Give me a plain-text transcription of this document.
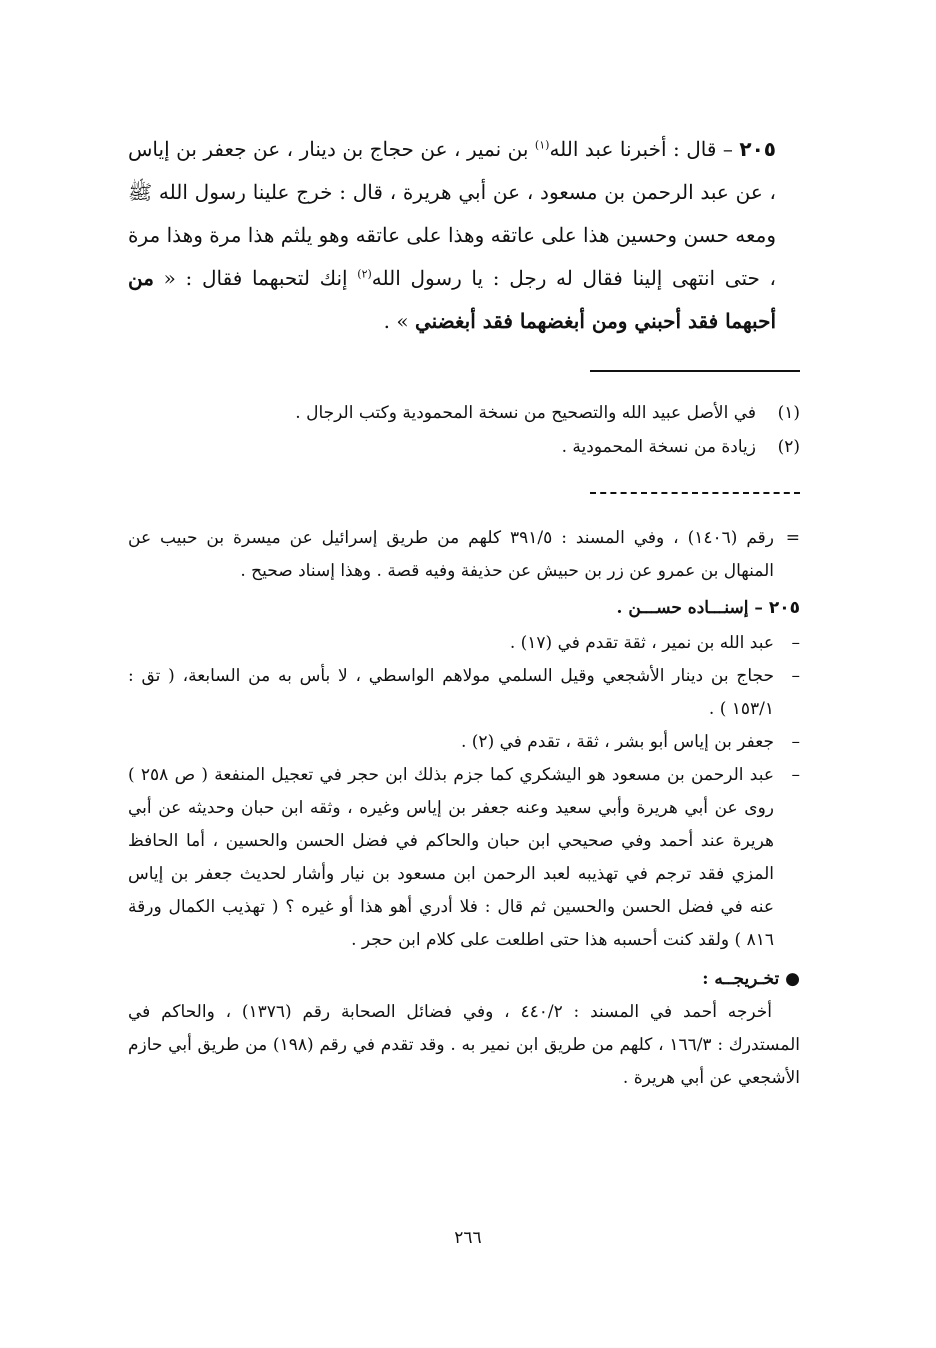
٢٠٥ – قال : أخبرنا عبد الله$^{(١)}$ بن نمير ، عن حجاج بن دينار ، عن جعفر بن إياس ، عن عبد الرحمن بن مسعود ، عن أبي هريرة ، قال : خرج علينا رسول الله ﷺ ومعه حسن وحسين هذا على عاتقه وهذا على عاتقه وهو يلثم هذا مرة وهذا مرة ، حتى انتهى إلينا فقال له رجل : يا رسول الله$^{(٢)}$ إنك لتحبهما فقال : « من أحبهما فقد أحبني ومن أبغضهما فقد أبغضني » .
(١)
في الأصل عبيد الله والتصحيح من نسخة المحمودية وكتب الرجال .
(٢)
زيادة من نسخة المحمودية .
=
رقم (١٤٠٦) ، وفي المسند : ٣٩١/٥ كلهم من طريق إسرائيل عن ميسرة بن حبيب عن المنهال بن عمرو عن زر بن حبيش عن حذيفة وفيه قصة . وهذا إسناد صحيح .
٢٠٥ – إسنـــاده حســـن .
–
عبد الله بن نمير ، ثقة تقدم في (١٧) .
–
حجاج بن دينار الأشجعي وقيل السلمي مولاهم الواسطي ، لا بأس به من السابعة، ( تق : ١٥٣/١ ) .
–
جعفر بن إياس أبو بشر ، ثقة ، تقدم في (٢) .
–
عبد الرحمن بن مسعود هو اليشكري كما جزم بذلك ابن حجر في تعجيل المنفعة ( ص ٢٥٨ ) روى عن أبي هريرة وأبي سعيد وعنه جعفر بن إياس وغيره ، وثقه ابن حبان وحديثه عن أبي هريرة عند أحمد وفي صحيحي ابن حبان والحاكم في فضل الحسن والحسين ، أما الحافظ المزي فقد ترجم في تهذيبه لعبد الرحمن ابن مسعود بن نيار وأشار لحديث جعفر بن إياس عنه في فضل الحسن والحسين ثم قال : فلا أدري أهو هذا أو غيره ؟ ( تهذيب الكمال ورقة ٨١٦ ) ولقد كنت أحسبه هذا حتى اطلعت على كلام ابن حجر .
● تخـريجــه :
أخرجه أحمد في المسند : ٤٤٠/٢ ، وفي فضائل الصحابة رقم (١٣٧٦) ، والحاكم في المستدرك : ١٦٦/٣ ، كلهم من طريق ابن نمير به . وقد تقدم في رقم (١٩٨) من طريق أبي حازم الأشجعي عن أبي هريرة .
٢٦٦
